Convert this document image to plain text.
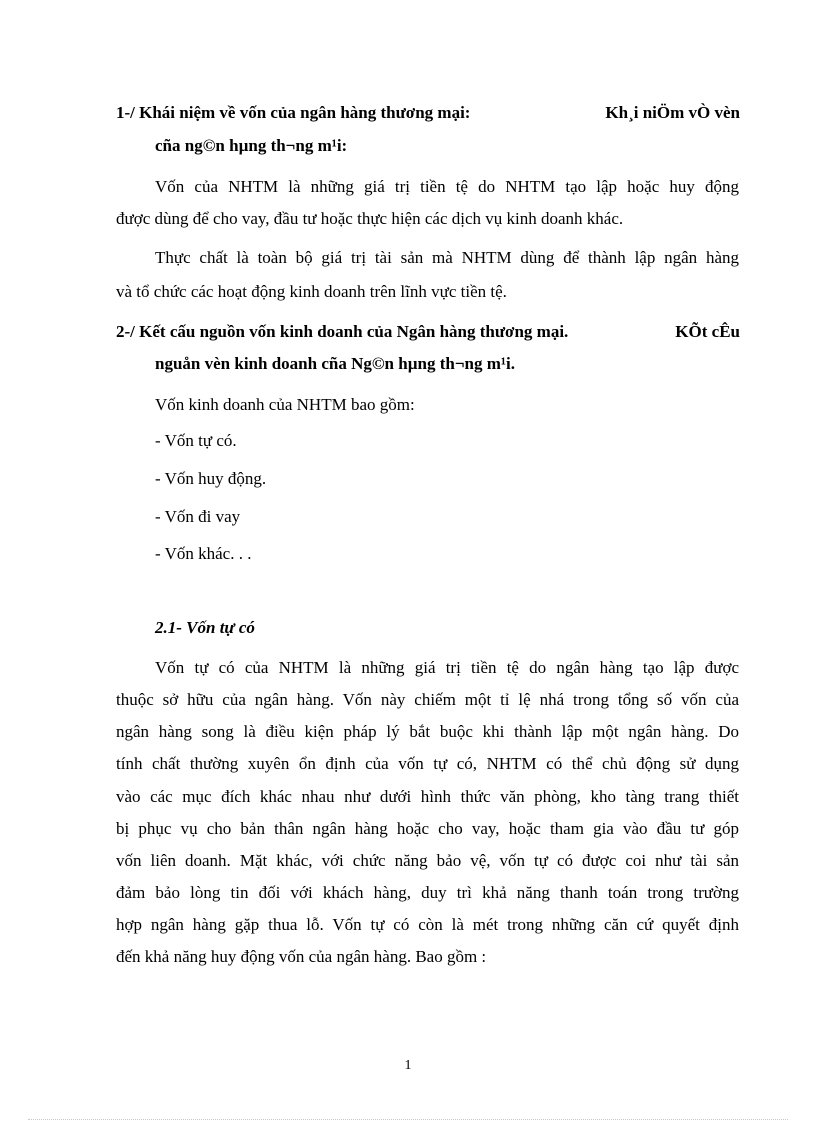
1-/ Khái niệm về vốn của ngân hàng thương mại:	Kh¸i niÖm vÒ vèn
cña ng©n hµng th¬ng m¹i:
Vốn của NHTM là những giá trị tiền tệ do NHTM tạo lập hoặc huy động
được dùng để cho vay, đầu tư hoặc thực hiện các dịch vụ kinh doanh khác.
Thực chất là toàn bộ giá trị tài sản mà NHTM dùng để thành lập ngân hàng
và tổ chức các hoạt động kinh doanh trên lĩnh vực tiền tệ.
2-/ Kết cấu nguồn vốn kinh doanh của Ngân hàng thương mại.	KÕt cÊu
nguån vèn kinh doanh cña Ng©n hµng th¬ng m¹i.
Vốn kinh doanh của NHTM bao gồm:
- Vốn tự có.
- Vốn huy động.
- Vốn đi vay
- Vốn khác. . .
2.1- Vốn tự có
Vốn tự có của NHTM là những giá trị tiền tệ do ngân hàng tạo lập được
thuộc sở hữu của ngân hàng. Vốn này chiếm một tỉ lệ nhá trong tổng số vốn của
ngân hàng song là điều kiện pháp lý bắt buộc khi thành lập một ngân hàng. Do
tính chất thường xuyên ổn định của vốn tự có, NHTM có thể chủ động sử dụng
vào các mục đích khác nhau như dưới hình thức văn phòng, kho tàng trang thiết
bị phục vụ cho bản thân ngân hàng hoặc cho vay, hoặc tham gia vào đầu tư góp
vốn liên doanh. Mặt khác, với chức năng bảo vệ, vốn tự có được coi như tài sản
đảm bảo lòng tin đối với khách hàng, duy trì khả năng thanh toán trong trường
hợp ngân hàng gặp thua lỗ. Vốn tự có còn là mét trong những căn cứ quyết định
đến khả năng huy động vốn của ngân hàng. Bao gồm :
1
